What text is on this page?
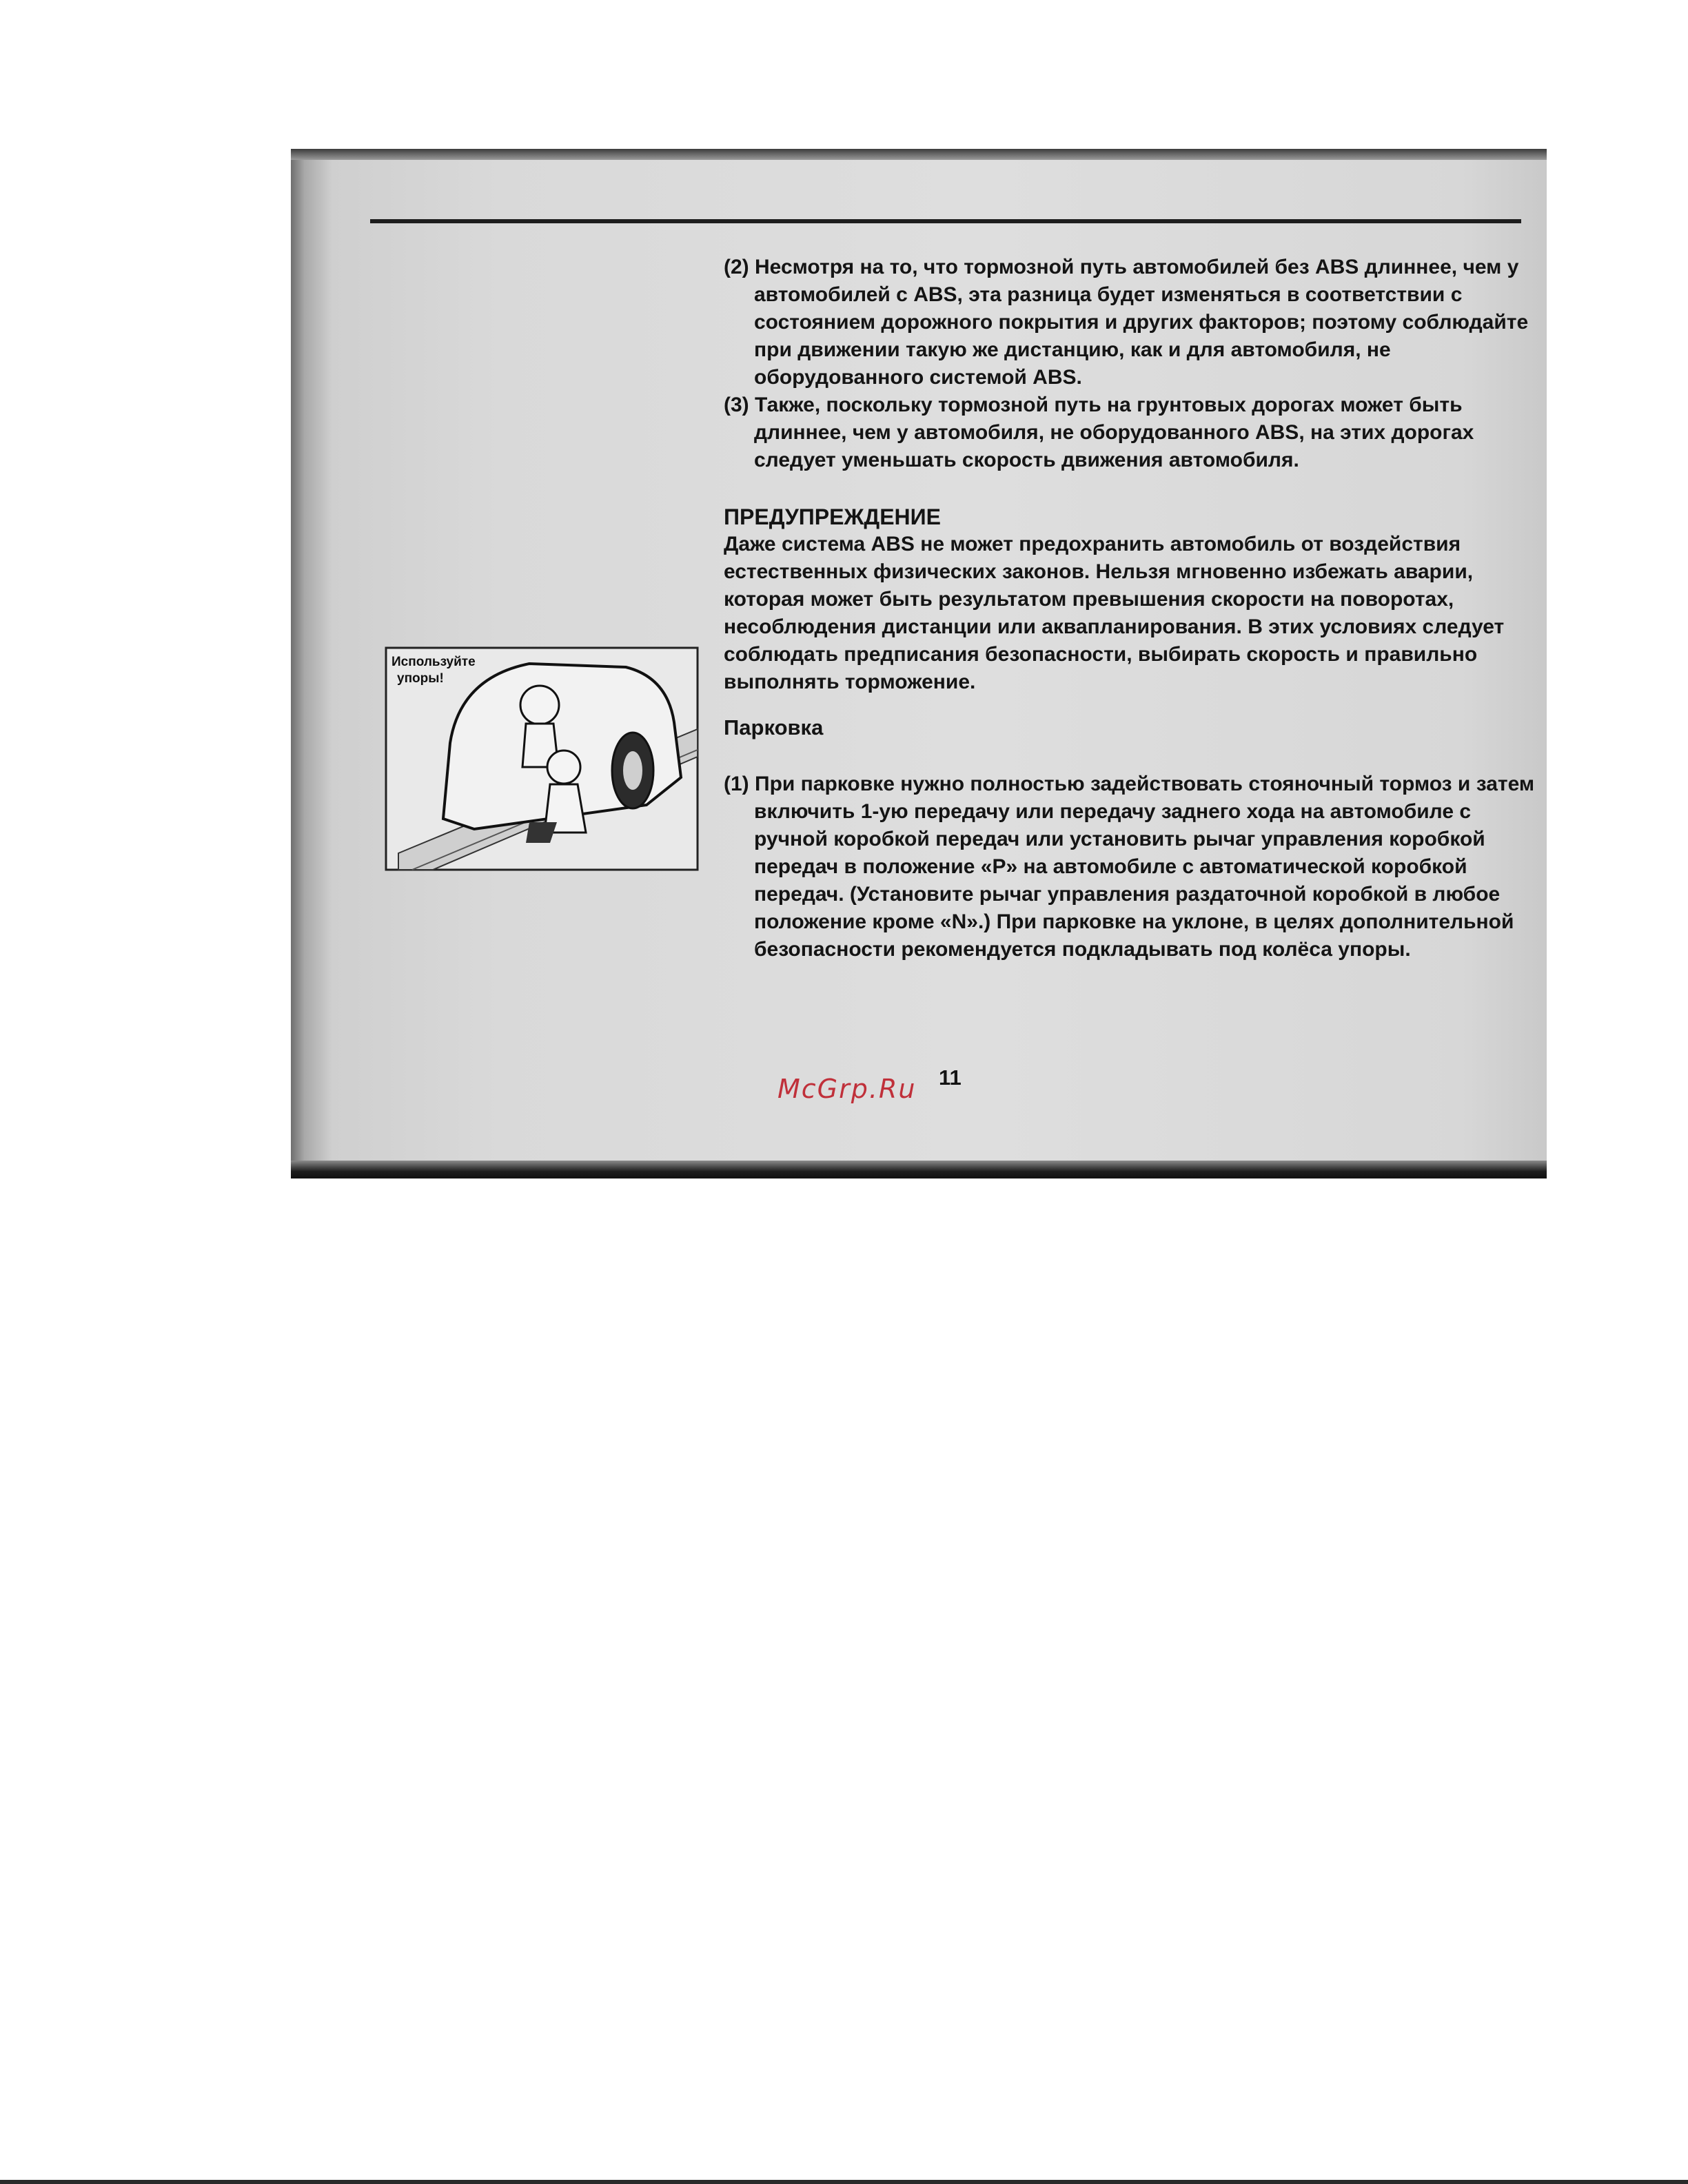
Используйте
упоры!

(2) Несмотря на то, что тормозной путь автомобилей без ABS длиннее, чем у автомобилей с ABS, эта разница будет изменяться в соответствии с состоянием дорожного покрытия и других факторов; поэтому соблюдайте при движении такую же дистанцию, как и для автомобиля, не оборудованного системой ABS.

(3) Также, поскольку тормозной путь на грунтовых дорогах может быть длиннее, чем у автомобиля, не оборудованного ABS, на этих дорогах следует уменьшать скорость движения автомобиля.

ПРЕДУПРЕЖДЕНИЕ

Даже система ABS не может предохранить автомобиль от воздействия естественных физических законов. Нельзя мгновенно избежать аварии, которая может быть результатом превышения скорости на поворотах, несоблюдения дистанции или аквапланирования. В этих условиях следует соблюдать предписания безопасности, выбирать скорость и правильно выполнять торможение.

Парковка

(1) При парковке нужно полностью задействовать стояночный тормоз и затем включить 1-ую передачу или передачу заднего хода на автомобиле с ручной коробкой передач или установить рычаг управления коробкой передач в положение «P» на автомобиле с автоматической коробкой передач. (Установите рычаг управления раздаточной коробкой в любое положение кроме «N».) При парковке на уклоне, в целях дополнительной безопасности рекомендуется подкладывать под колёса упоры.

11
McGrp.Ru
